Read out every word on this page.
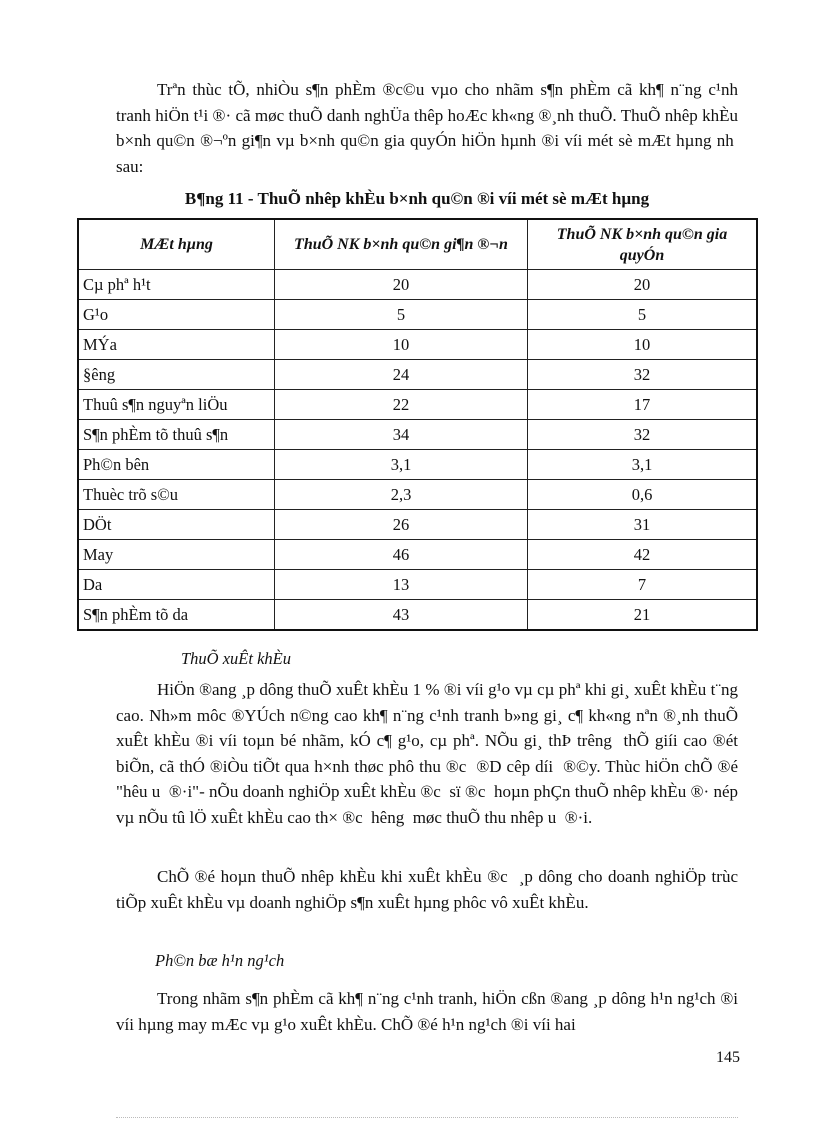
Trªn thùc tÕ, nhiÒu s¶n phÈm ®c©u vµo cho nhãm s¶n phÈm cã kh¶ n¨ng c¹nh tranh hiÖn t¹i ®· cã møc thuÕ danh nghÜa thêp hoÆc kh«ng ®¸nh thuÕ. ThuÕ nhêp khÈu b×nh qu©n ®¬ºn gi¶n vµ b×nh qu©n gia quyÓn hiÖn hµnh ®i víi mét sè mÆt hµng nh  sau:

B¶ng 11 - ThuÕ nhêp khÈu b×nh qu©n ®i víi mét sè mÆt hµng

MÆt hµng	ThuÕ NK b×nh qu©n gi¶n ®¬n	ThuÕ NK b×nh qu©n gia quyÓn
Cµ phª h¹t	20	20
G¹o	5	5
MÝa	10	10
§êng	24	32
Thuû s¶n nguyªn liÖu	22	17
S¶n phÈm tõ thuû s¶n	34	32
Ph©n bên	3,1	3,1
Thuèc trõ s©u	2,3	0,6
DÖt	26	31
May	46	42
Da	13	7
S¶n phÈm tõ da	43	21

ThuÕ xuÊt khÈu

HiÖn ®ang ¸p dông thuÕ xuÊt khÈu 1 % ®i víi g¹o vµ cµ phª khi gi¸ xuÊt khÈu t¨ng cao. Nh»m môc ®YÚch n©ng cao kh¶ n¨ng c¹nh tranh b»ng gi¸ c¶ kh«ng nªn ®¸nh thuÕ xuÊt khÈu ®i víi toµn bé nhãm, kÓ c¶ g¹o, cµ phª. NÕu gi¸ thÞ trêng  thÕ giíi cao ®ét biÕn, cã thÓ ®iÒu tiÕt qua h×nh thøc phô thu ®c  ®D cêp díi  ®©y. Thùc hiÖn chÕ ®é "hêu u  ®·i"- nÕu doanh nghiÖp xuÊt khÈu ®c  sï ®c  hoµn phÇn thuÕ nhêp khÈu ®· nép vµ nÕu tû lÖ xuÊt khÈu cao th× ®c  hêng  møc thuÕ thu nhêp u  ®·i.

ChÕ ®é hoµn thuÕ nhêp khÈu khi xuÊt khÈu ®c  ¸p dông cho doanh nghiÖp trùc tiÕp xuÊt khÈu vµ doanh nghiÖp s¶n xuÊt hµng phôc vô xuÊt khÈu.

Ph©n bæ h¹n ng¹ch

Trong nhãm s¶n phÈm cã kh¶ n¨ng c¹nh tranh, hiÖn cßn ®ang ¸p dông h¹n ng¹ch ®i víi hµng may mÆc vµ g¹o xuÊt khÈu. ChÕ ®é h¹n ng¹ch ®i víi hai

145
